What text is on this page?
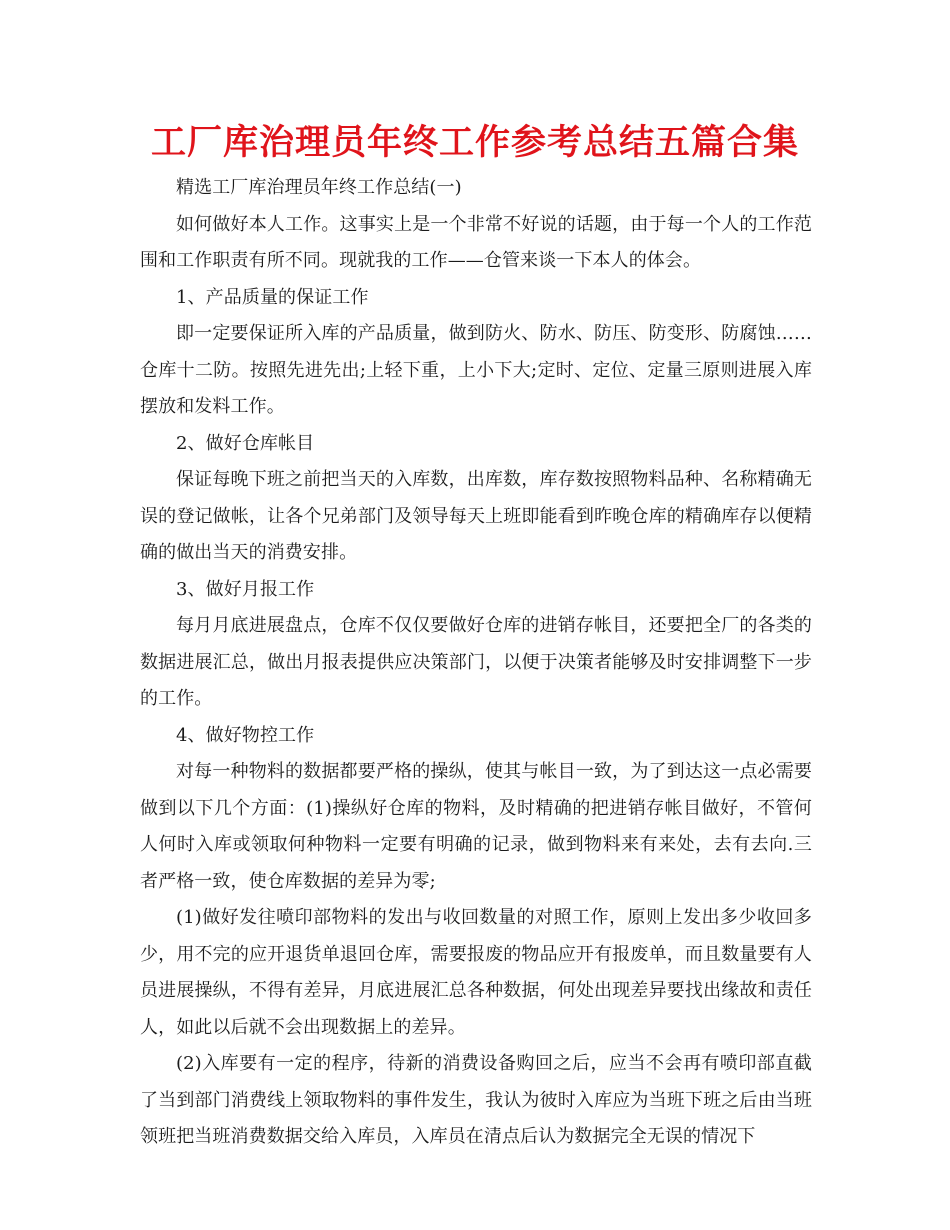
工厂库治理员年终工作参考总结五篇合集

精选工厂库治理员年终工作总结(一)

如何做好本人工作。这事实上是一个非常不好说的话题，由于每一个人的工作范围和工作职责有所不同。现就我的工作——仓管来谈一下本人的体会。

1、产品质量的保证工作

即一定要保证所入库的产品质量，做到防火、防水、防压、防变形、防腐蚀……仓库十二防。按照先进先出;上轻下重，上小下大;定时、定位、定量三原则进展入库摆放和发料工作。

2、做好仓库帐目

保证每晚下班之前把当天的入库数，出库数，库存数按照物料品种、名称精确无误的登记做帐，让各个兄弟部门及领导每天上班即能看到昨晚仓库的精确库存以便精确的做出当天的消费安排。

3、做好月报工作

每月月底进展盘点，仓库不仅仅要做好仓库的进销存帐目，还要把全厂的各类的数据进展汇总，做出月报表提供应决策部门，以便于决策者能够及时安排调整下一步的工作。

4、做好物控工作

对每一种物料的数据都要严格的操纵，使其与帐目一致，为了到达这一点必需要做到以下几个方面：(1)操纵好仓库的物料，及时精确的把进销存帐目做好，不管何人何时入库或领取何种物料一定要有明确的记录，做到物料来有来处，去有去向.三者严格一致，使仓库数据的差异为零;

(1)做好发往喷印部物料的发出与收回数量的对照工作，原则上发出多少收回多少，用不完的应开退货单退回仓库，需要报废的物品应开有报废单，而且数量要有人员进展操纵，不得有差异，月底进展汇总各种数据，何处出现差异要找出缘故和责任人，如此以后就不会出现数据上的差异。

(2)入库要有一定的程序，待新的消费设备购回之后，应当不会再有喷印部直截了当到部门消费线上领取物料的事件发生，我认为彼时入库应为当班下班之后由当班领班把当班消费数据交给入库员，入库员在清点后认为数据完全无误的情况下
